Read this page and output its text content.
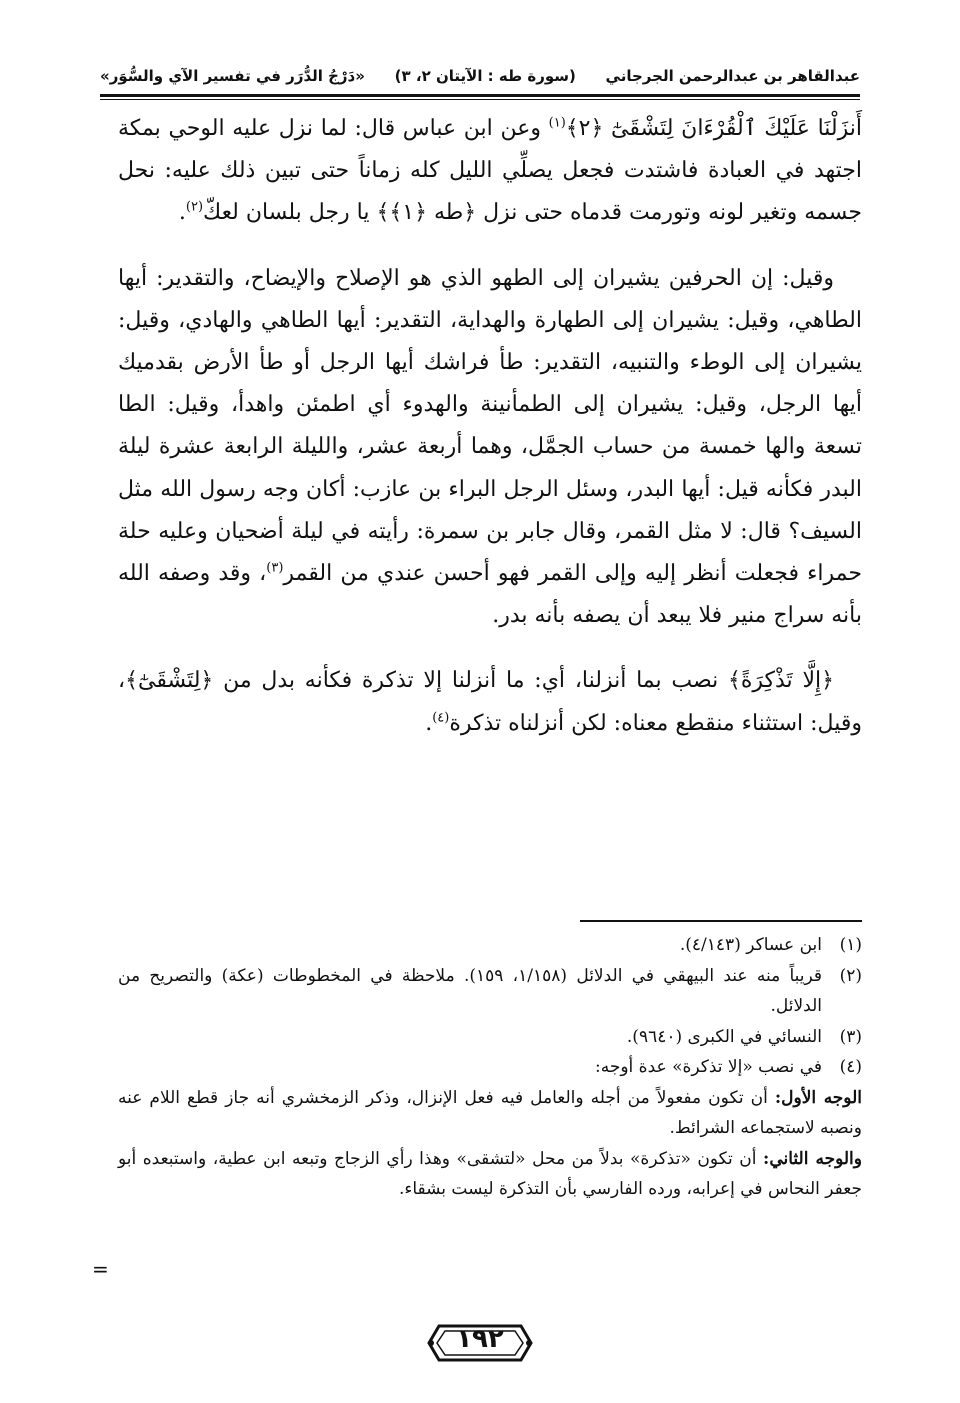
«دَرْجُ الدُّرَر في تفسير الآي والسُّوَر» (سورة طه : الآيتان ٢، ٣) عبدالقاهر بن عبدالرحمن الجرجاني

أَنزَلْنَا عَلَيْكَ ٱلْقُرْءَانَ لِتَشْقَىٰٓ ﴿٢﴾$^{(١)}$ وعن ابن عباس قال: لما نزل عليه الوحي بمكة اجتهد في العبادة فاشتدت فجعل يصلِّي الليل كله زماناً حتى تبين ذلك عليه: نحل جسمه وتغير لونه وتورمت قدماه حتى نزل ﴿طه ﴿١﴾﴾ يا رجل بلسان لعكّ$^{(٢)}$.

وقيل: إن الحرفين يشيران إلى الطهو الذي هو الإصلاح والإيضاح، والتقدير: أيها الطاهي، وقيل: يشيران إلى الطهارة والهداية، التقدير: أيها الطاهي والهادي، وقيل: يشيران إلى الوطء والتنبيه، التقدير: طأ فراشك أيها الرجل أو طأ الأرض بقدميك أيها الرجل، وقيل: يشيران إلى الطمأنينة والهدوء أي اطمئن واهدأ، وقيل: الطا تسعة والها خمسة من حساب الجمَّل، وهما أربعة عشر، والليلة الرابعة عشرة ليلة البدر فكأنه قيل: أيها البدر، وسئل الرجل البراء بن عازب: أكان وجه رسول الله مثل السيف؟ قال: لا مثل القمر، وقال جابر بن سمرة: رأيته في ليلة أضحيان وعليه حلة حمراء فجعلت أنظر إليه وإلى القمر فهو أحسن عندي من القمر$^{(٣)}$، وقد وصفه الله بأنه سراج منير فلا يبعد أن يصفه بأنه بدر.

﴿إِلَّا تَذْكِرَةً﴾ نصب بما أنزلنا، أي: ما أنزلنا إلا تذكرة فكأنه بدل من ﴿لِتَشْقَىٰٓ﴾، وقيل: استثناء منقطع معناه: لكن أنزلناه تذكرة$^{(٤)}$.

(١)
ابن عساكر (٤/١٤٣).
(٢)
قريباً منه عند البيهقي في الدلائل (١/١٥٨، ١٥٩). ملاحظة في المخطوطات (عكة) والتصريح من الدلائل.
(٣)
النسائي في الكبرى (٩٦٤٠).
(٤)
في نصب «إلا تذكرة» عدة أوجه:

الوجه الأول: أن تكون مفعولاً من أجله والعامل فيه فعل الإنزال، وذكر الزمخشري أنه جاز قطع اللام عنه ونصبه لاستجماعه الشرائط.

والوجه الثاني: أن تكون «تذكرة» بدلاً من محل «لتشقى» وهذا رأي الزجاج وتبعه ابن عطية، واستبعده أبو جعفر النحاس في إعرابه، ورده الفارسي بأن التذكرة ليست بشقاء.

=
١٩٢
